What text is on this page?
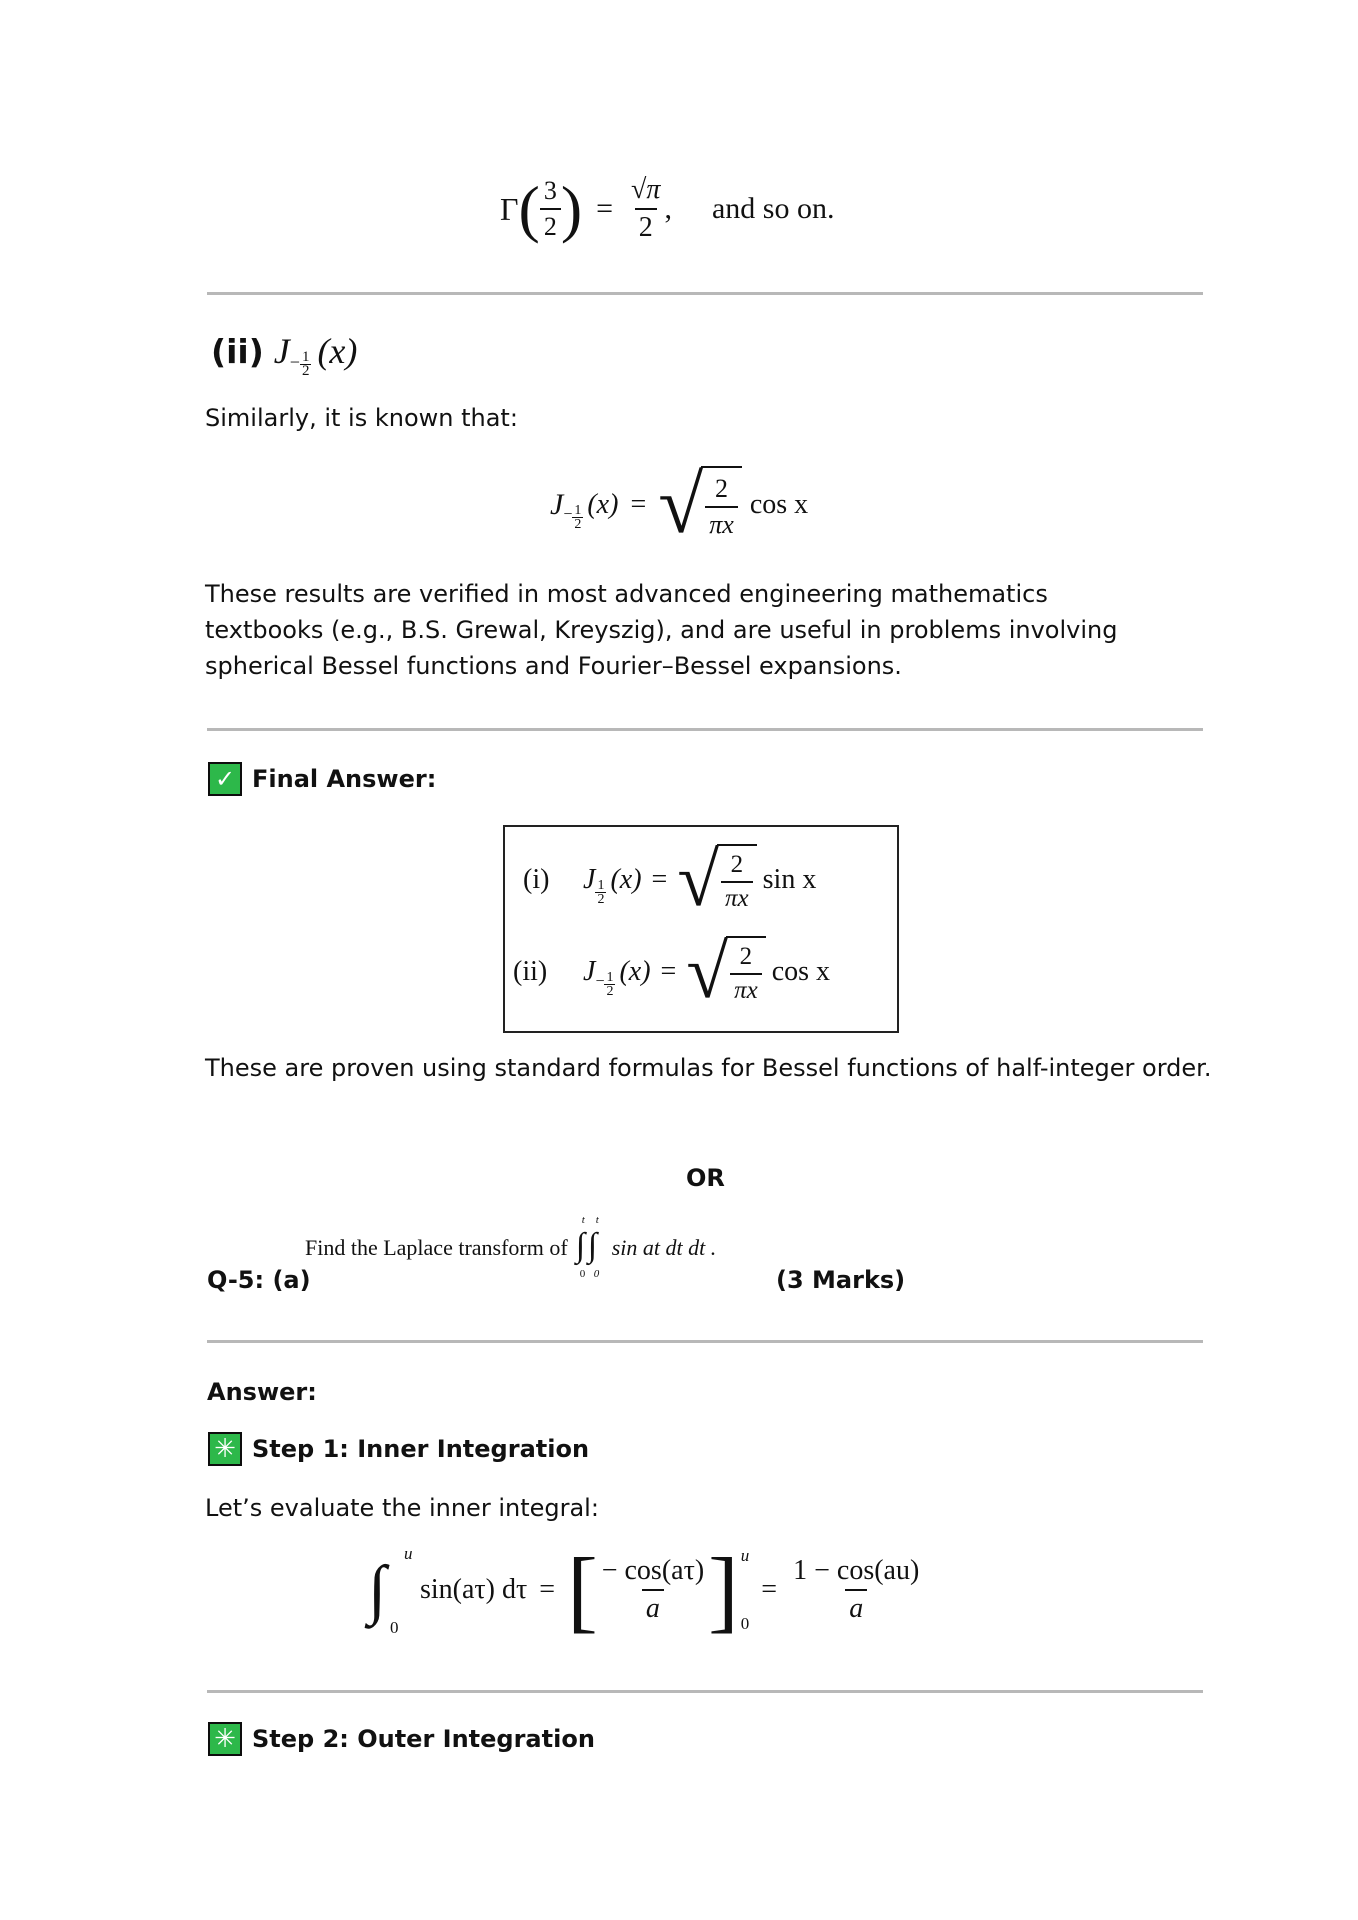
Γ ( $\frac{3}{2}$ ) = $\frac{√\pi}{2}$ , and so on.
(ii) $J - \frac{1}{2} (x)$
Similarly, it is known that:
$J - \frac{1}{2} (x)$ = √ $\frac{2}{\pi x}$ cos x
These results are verified in most advanced engineering mathematics textbooks (e.g., B.S. Grewal, Kreyszig), and are useful in problems involving spherical Bessel functions and Fourier–Bessel expansions.
✓ Final Answer:
(i)	J 1
2
(x) = √ $\frac{2}{\pi x}$ sin x
(ii)	$J - \frac{1}{2} (x)$ = √ $\frac{2}{\pi x}$ cos x
These are proven using standard formulas for Bessel functions of half-integer order.
OR
Find the Laplace transform of ∫ ∫
t t
0 0
sin at dt dt .
Q-5: (a)	(3 Marks)
Answer:
✳ Step 1: Inner Integration
Let’s evaluate the inner integral:
∫ u
0
sin(aτ) dτ = [ $\frac{- \cos(a\tau)}{a}$ ] u
0
= $\frac{1 - \cos(au)}{a}$
✳ Step 2: Outer Integration
